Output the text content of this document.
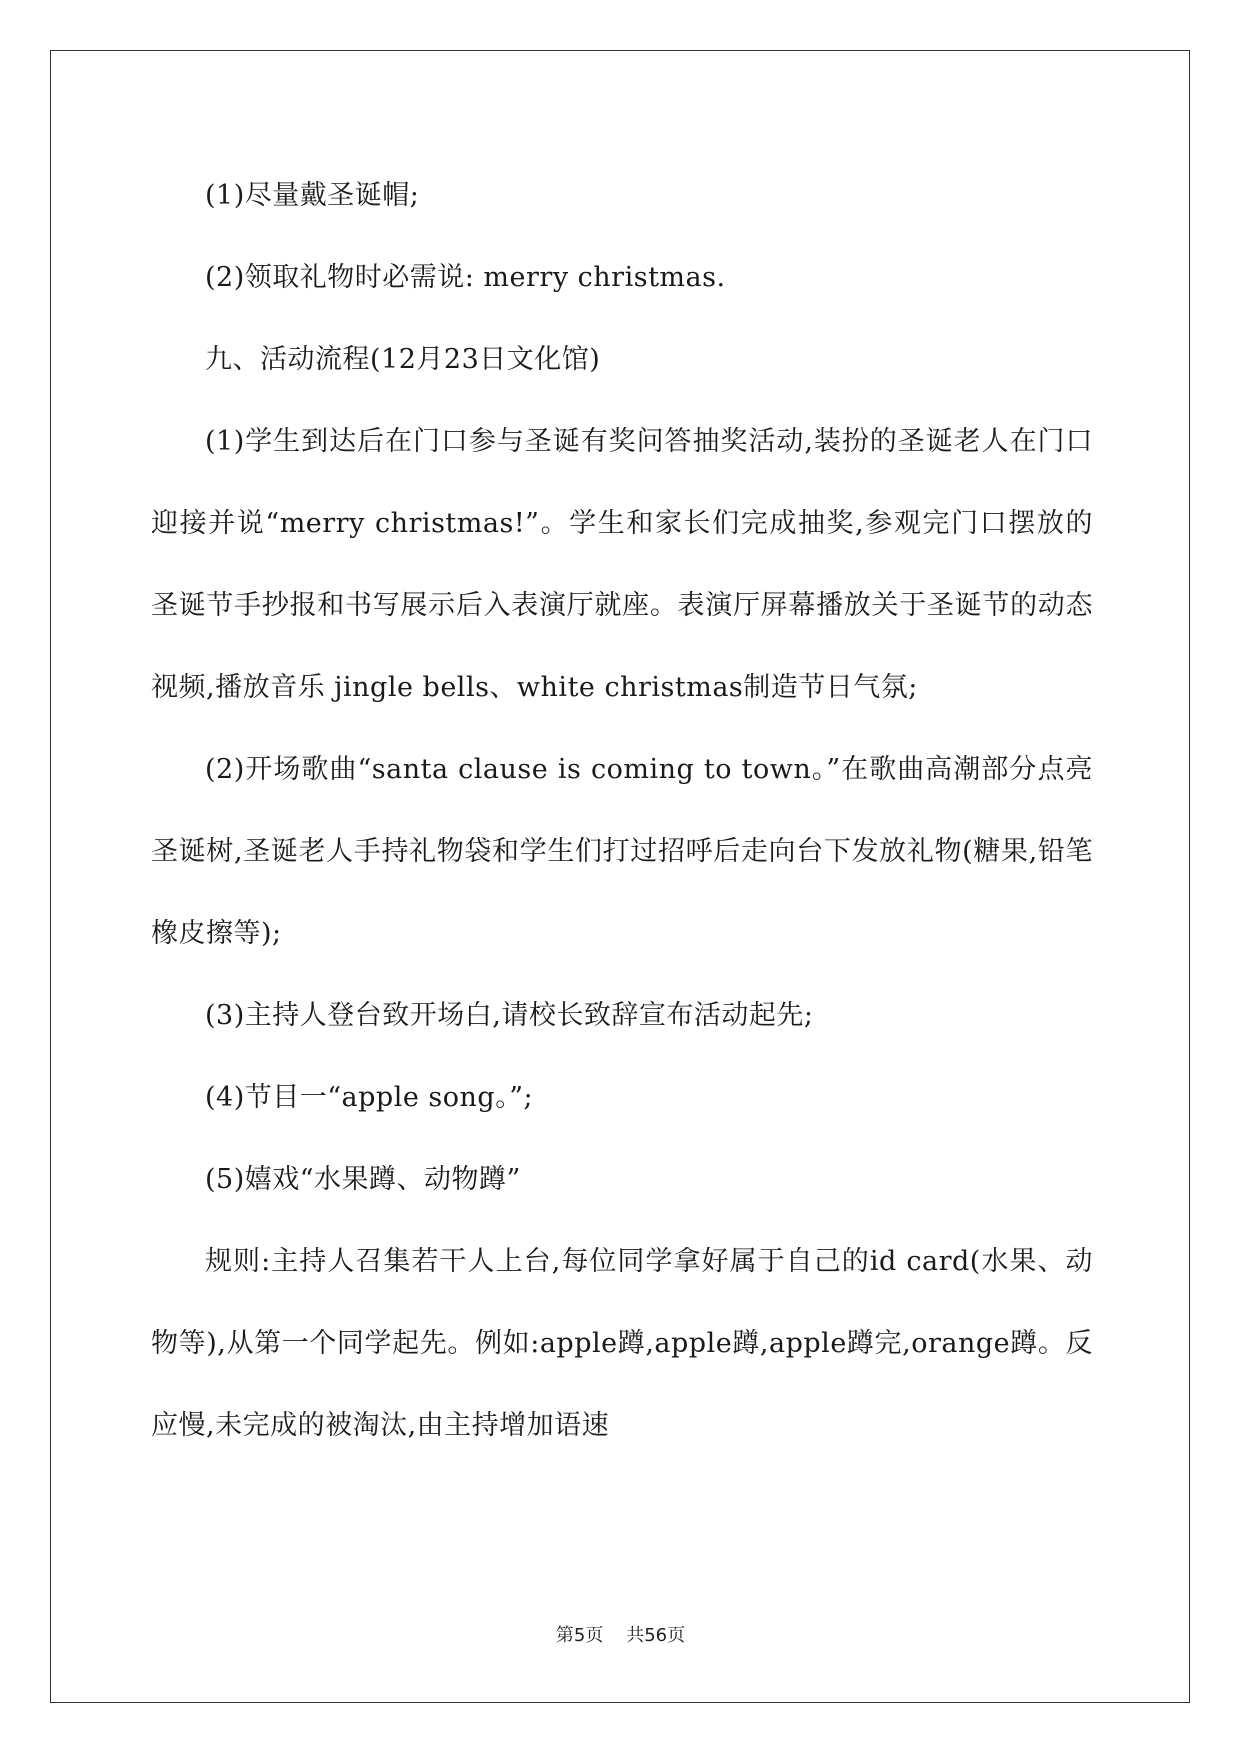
(1)尽量戴圣诞帽;

(2)领取礼物时必需说: merry christmas.

九、活动流程(12月23日文化馆)

(1)学生到达后在门口参与圣诞有奖问答抽奖活动,装扮的圣诞老人在门口迎接并说“merry christmas!”。学生和家长们完成抽奖,参观完门口摆放的圣诞节手抄报和书写展示后入表演厅就座。表演厅屏幕播放关于圣诞节的动态视频,播放音乐 jingle bells、white christmas制造节日气氛;

(2)开场歌曲“santa clause is coming to town。”在歌曲高潮部分点亮圣诞树,圣诞老人手持礼物袋和学生们打过招呼后走向台下发放礼物(糖果,铅笔橡皮擦等);

(3)主持人登台致开场白,请校长致辞宣布活动起先;

(4)节目一“apple song。”;

(5)嬉戏“水果蹲、动物蹲”

规则:主持人召集若干人上台,每位同学拿好属于自己的id card(水果、动物等),从第一个同学起先。例如:apple蹲,apple蹲,apple蹲完,orange蹲。反应慢,未完成的被淘汰,由主持增加语速

第5页 共56页
